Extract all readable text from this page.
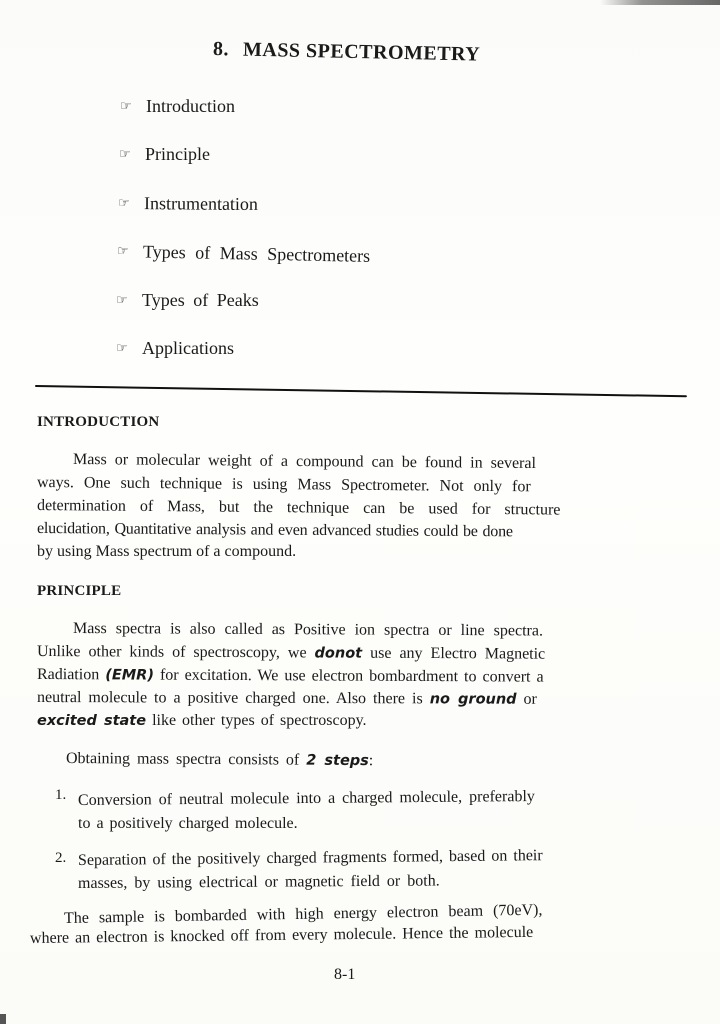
8. MASS SPECTROMETRY
☞ Introduction
☞ Principle
☞ Instrumentation
☞ Types of Mass Spectrometers
☞ Types of Peaks
☞ Applications
INTRODUCTION
Mass or molecular weight of a compound can be found in several
ways. One such technique is using Mass Spectrometer. Not only for
determination of Mass, but the technique can be used for structure
elucidation, Quantitative analysis and even advanced studies could be done
by using Mass spectrum of a compound.
PRINCIPLE
Mass spectra is also called as Positive ion spectra or line spectra.
Unlike other kinds of spectroscopy, we donot use any Electro Magnetic
Radiation (EMR) for excitation. We use electron bombardment to convert a
neutral molecule to a positive charged one. Also there is no ground or
excited state like other types of spectroscopy.
Obtaining mass spectra consists of 2 steps:
1. Conversion of neutral molecule into a charged molecule, preferably
to a positively charged molecule.
2. Separation of the positively charged fragments formed, based on their
masses, by using electrical or magnetic field or both.
The sample is bombarded with high energy electron beam (70eV),
where an electron is knocked off from every molecule. Hence the molecule
8-1
